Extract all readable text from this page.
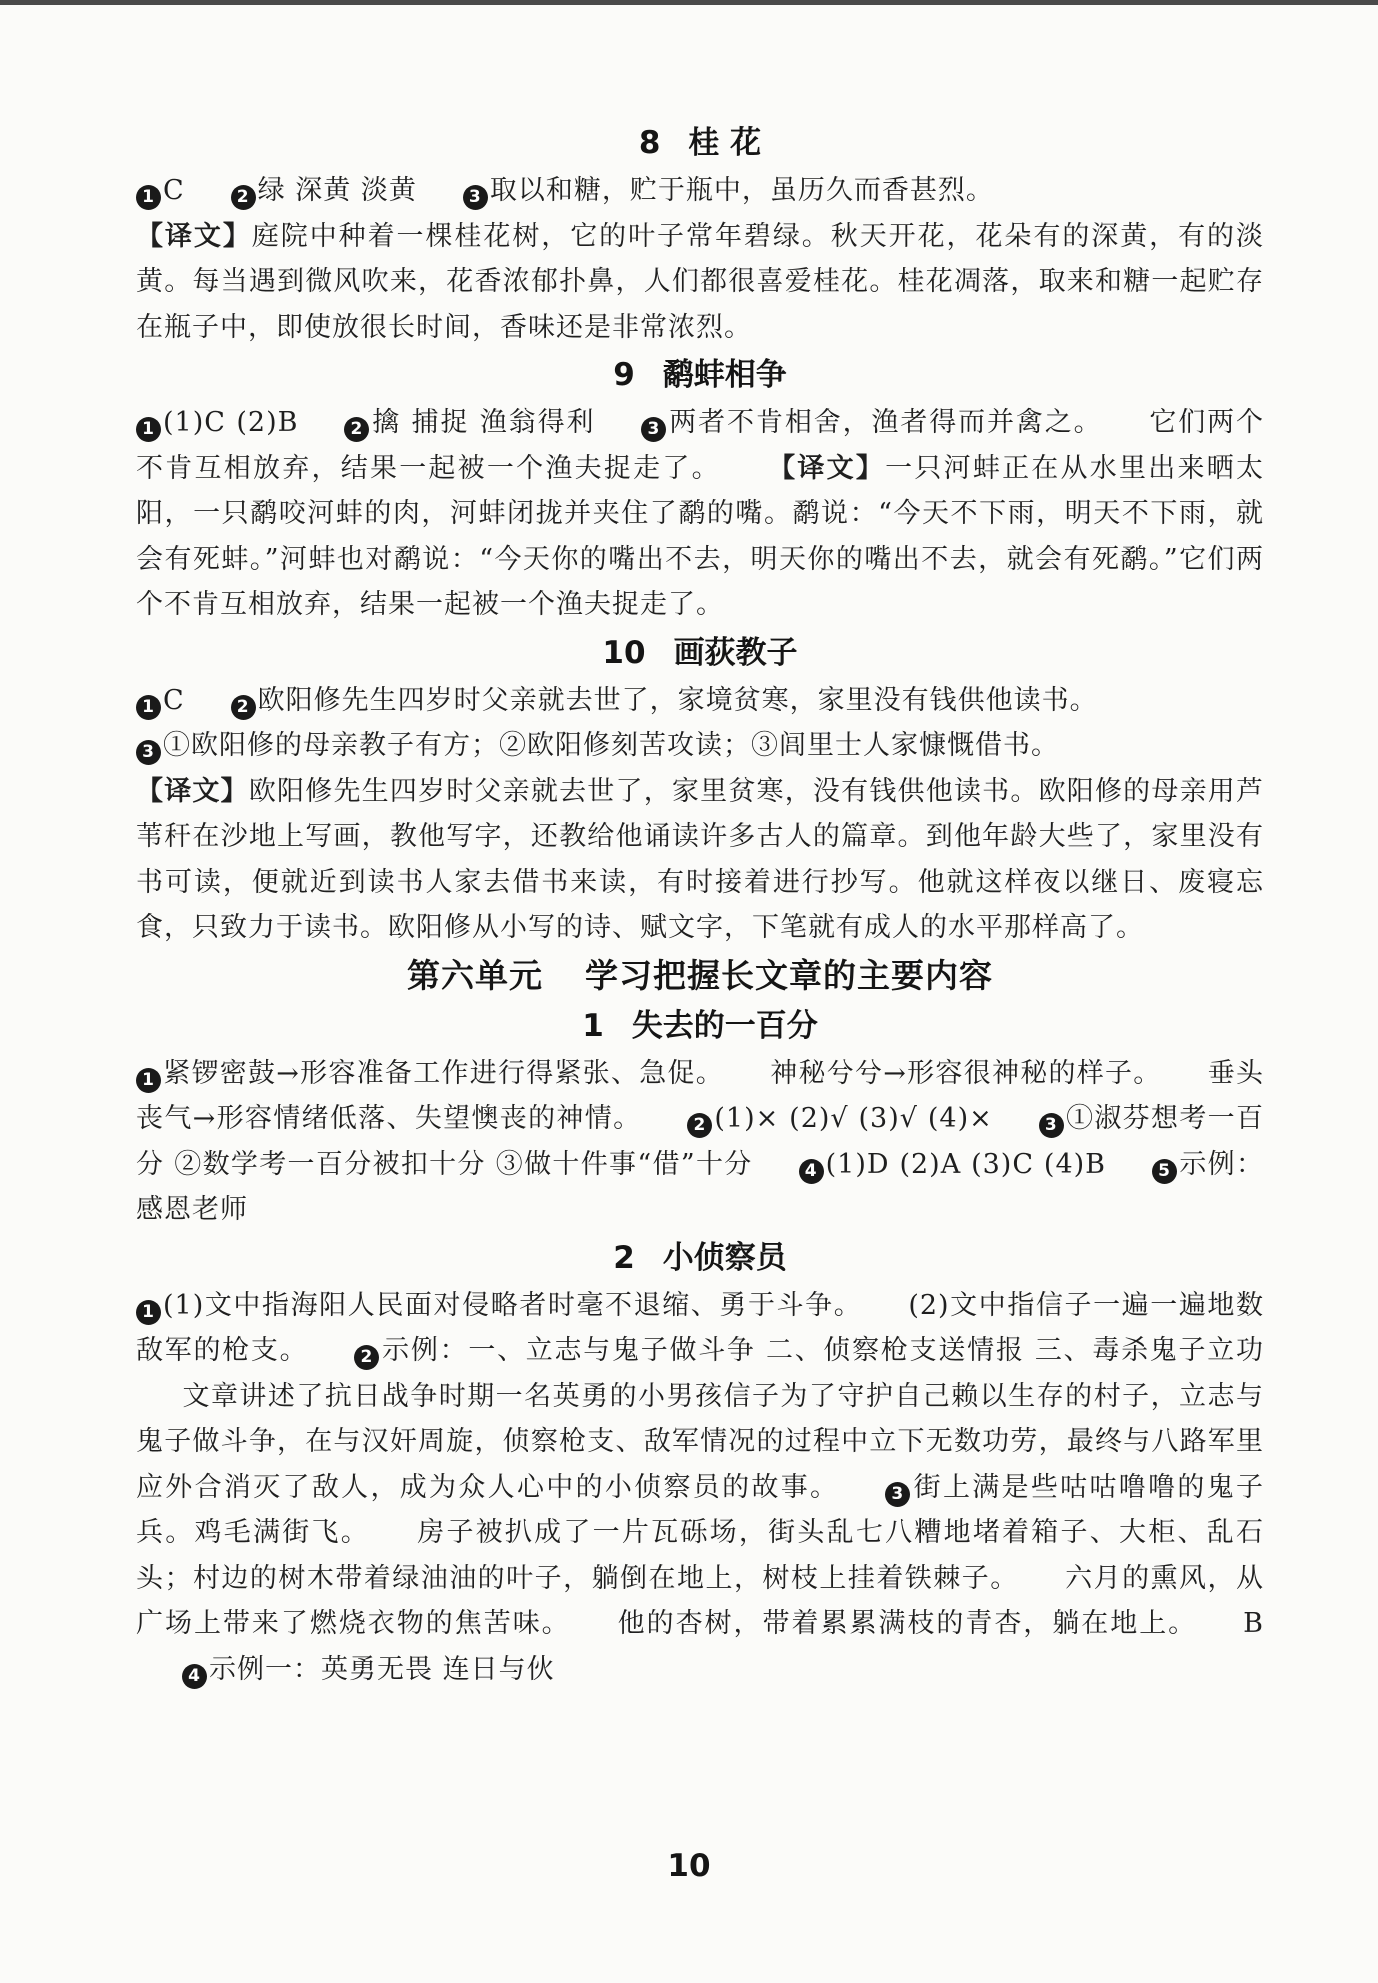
8 桂 花

1 C	2 绿 深黄 淡黄	3 取以和糖，贮于瓶中，虽历久而香甚烈。

【译文】庭院中种着一棵桂花树，它的叶子常年碧绿。秋天开花，花朵有的深黄，有的淡黄。每当遇到微风吹来，花香浓郁扑鼻，人们都很喜爱桂花。桂花凋落，取来和糖一起贮存在瓶子中，即使放很长时间，香味还是非常浓烈。

9 鹬蚌相争

1 (1)C (2)B	2 擒 捕捉 渔翁得利	3 两者不肯相舍，渔者得而并禽之。 它们两个不肯互相放弃，结果一起被一个渔夫捉走了。 【译文】一只河蚌正在从水里出来晒太阳，一只鹬咬河蚌的肉，河蚌闭拢并夹住了鹬的嘴。鹬说：“今天不下雨，明天不下雨，就会有死蚌。”河蚌也对鹬说：“今天你的嘴出不去，明天你的嘴出不去，就会有死鹬。”它们两个不肯互相放弃，结果一起被一个渔夫捉走了。

10 画荻教子

1 C	2 欧阳修先生四岁时父亲就去世了，家境贫寒，家里没有钱供他读书。

3 ①欧阳修的母亲教子有方；②欧阳修刻苦攻读；③闾里士人家慷慨借书。

【译文】欧阳修先生四岁时父亲就去世了，家里贫寒，没有钱供他读书。欧阳修的母亲用芦苇秆在沙地上写画，教他写字，还教给他诵读许多古人的篇章。到他年龄大些了，家里没有书可读，便就近到读书人家去借书来读，有时接着进行抄写。他就这样夜以继日、废寝忘食，只致力于读书。欧阳修从小写的诗、赋文字，下笔就有成人的水平那样高了。

第六单元 学习把握长文章的主要内容
1 失去的一百分

1 紧锣密鼓→形容准备工作进行得紧张、急促。 神秘兮兮→形容很神秘的样子。 垂头丧气→形容情绪低落、失望懊丧的神情。	2 (1)× (2)√ (3)√ (4)×	3 ①淑芬想考一百分 ②数学考一百分被扣十分 ③做十件事“借”十分	4 (1)D (2)A (3)C (4)B	5 示例：感恩老师

2 小侦察员

1 (1)文中指海阳人民面对侵略者时毫不退缩、勇于斗争。 (2)文中指信子一遍一遍地数敌军的枪支。	2 示例：一、立志与鬼子做斗争 二、侦察枪支送情报 三、毒杀鬼子立功文章讲述了抗日战争时期一名英勇的小男孩信子为了守护自己赖以生存的村子，立志与鬼子做斗争，在与汉奸周旋，侦察枪支、敌军情况的过程中立下无数功劳，最终与八路军里应外合消灭了敌人，成为众人心中的小侦察员的故事。	3 街上满是些咕咕噜噜的鬼子兵。鸡毛满街飞。 房子被扒成了一片瓦砾场，街头乱七八糟地堵着箱子、大柜、乱石头；村边的树木带着绿油油的叶子，躺倒在地上，树枝上挂着铁棘子。 六月的熏风，从广场上带来了燃烧衣物的焦苦味。 他的杏树，带着累累满枝的青杏，躺在地上。 B4 示例一：英勇无畏 连日与伙

10
